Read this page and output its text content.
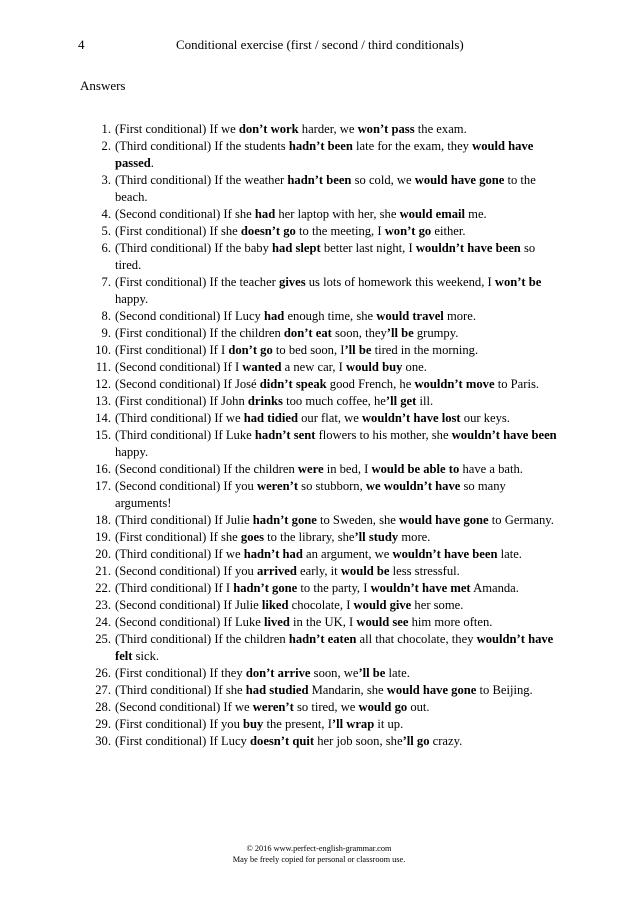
4	Conditional exercise (first / second / third conditionals)
Answers
1. (First conditional) If we don’t work harder, we won’t pass the exam.
2. (Third conditional) If the students hadn’t been late for the exam, they would have passed.
3. (Third conditional) If the weather hadn’t been so cold, we would have gone to the beach.
4. (Second conditional) If she had her laptop with her, she would email me.
5. (First conditional) If she doesn’t go to the meeting, I won’t go either.
6. (Third conditional) If the baby had slept better last night, I wouldn’t have been so tired.
7. (First conditional) If the teacher gives us lots of homework this weekend, I won’t be happy.
8. (Second conditional) If Lucy had enough time, she would travel more.
9. (First conditional) If the children don’t eat soon, they’ll be grumpy.
10. (First conditional) If I don’t go to bed soon, I’ll be tired in the morning.
11. (Second conditional) If I wanted a new car, I would buy one.
12. (Second conditional) If José didn’t speak good French, he wouldn’t move to Paris.
13. (First conditional) If John drinks too much coffee, he’ll get ill.
14. (Third conditional) If we had tidied our flat, we wouldn’t have lost our keys.
15. (Third conditional) If Luke hadn’t sent flowers to his mother, she wouldn’t have been happy.
16. (Second conditional) If the children were in bed, I would be able to have a bath.
17. (Second conditional) If you weren’t so stubborn, we wouldn’t have so many arguments!
18. (Third conditional) If Julie hadn’t gone to Sweden, she would have gone to Germany.
19. (First conditional) If she goes to the library, she’ll study more.
20. (Third conditional) If we hadn’t had an argument, we wouldn’t have been late.
21. (Second conditional) If you arrived early, it would be less stressful.
22. (Third conditional) If I hadn’t gone to the party, I wouldn’t have met Amanda.
23. (Second conditional) If Julie liked chocolate, I would give her some.
24. (Second conditional) If Luke lived in the UK, I would see him more often.
25. (Third conditional) If the children hadn’t eaten all that chocolate, they wouldn’t have felt sick.
26. (First conditional) If they don’t arrive soon, we’ll be late.
27. (Third conditional) If she had studied Mandarin, she would have gone to Beijing.
28. (Second conditional) If we weren’t so tired, we would go out.
29. (First conditional) If you buy the present, I’ll wrap it up.
30. (First conditional) If Lucy doesn’t quit her job soon, she’ll go crazy.
© 2016 www.perfect-english-grammar.com
May be freely copied for personal or classroom use.
